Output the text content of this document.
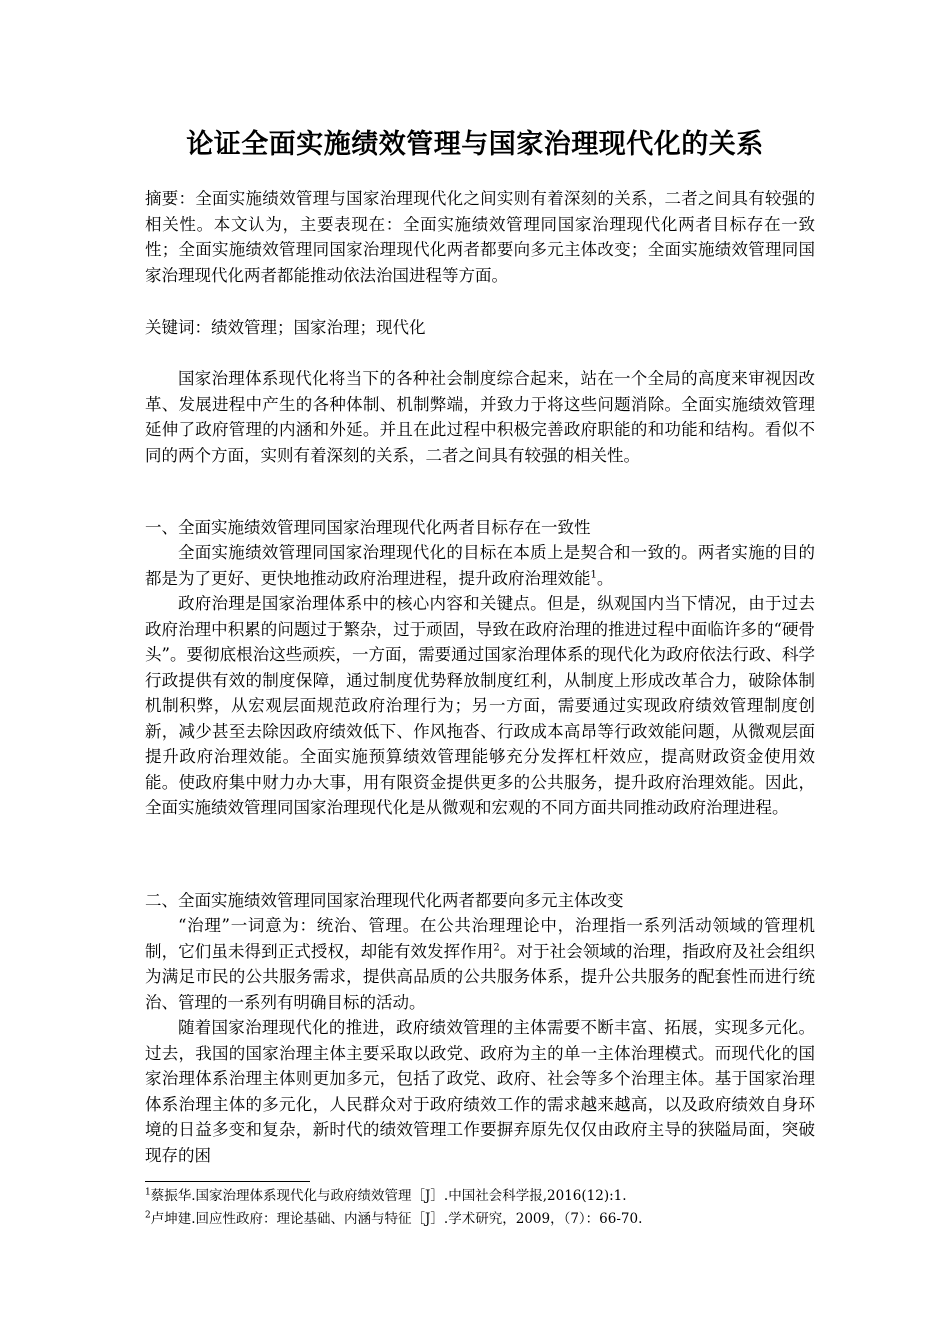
论证全面实施绩效管理与国家治理现代化的关系
摘要：全面实施绩效管理与国家治理现代化之间实则有着深刻的关系，二者之间具有较强的相关性。本文认为，主要表现在：全面实施绩效管理同国家治理现代化两者目标存在一致性；全面实施绩效管理同国家治理现代化两者都要向多元主体改变；全面实施绩效管理同国家治理现代化两者都能推动依法治国进程等方面。
关键词：绩效管理；国家治理；现代化
国家治理体系现代化将当下的各种社会制度综合起来，站在一个全局的高度来审视因改革、发展进程中产生的各种体制、机制弊端，并致力于将这些问题消除。全面实施绩效管理延伸了政府管理的内涵和外延。并且在此过程中积极完善政府职能的和功能和结构。看似不同的两个方面，实则有着深刻的关系，二者之间具有较强的相关性。
一、全面实施绩效管理同国家治理现代化两者目标存在一致性
全面实施绩效管理同国家治理现代化的目标在本质上是契合和一致的。两者实施的目的都是为了更好、更快地推动政府治理进程，提升政府治理效能$^1$。
政府治理是国家治理体系中的核心内容和关键点。但是，纵观国内当下情况，由于过去政府治理中积累的问题过于繁杂，过于顽固，导致在政府治理的推进过程中面临许多的“硬骨头”。要彻底根治这些顽疾，一方面，需要通过国家治理体系的现代化为政府依法行政、科学行政提供有效的制度保障，通过制度优势释放制度红利，从制度上形成改革合力，破除体制机制积弊，从宏观层面规范政府治理行为；另一方面，需要通过实现政府绩效管理制度创新，减少甚至去除因政府绩效低下、作风拖沓、行政成本高昂等行政效能问题，从微观层面提升政府治理效能。全面实施预算绩效管理能够充分发挥杠杆效应，提高财政资金使用效能。使政府集中财力办大事，用有限资金提供更多的公共服务，提升政府治理效能。因此，全面实施绩效管理同国家治理现代化是从微观和宏观的不同方面共同推动政府治理进程。
二、全面实施绩效管理同国家治理现代化两者都要向多元主体改变
“治理”一词意为：统治、管理。在公共治理理论中，治理指一系列活动领域的管理机制，它们虽未得到正式授权，却能有效发挥作用$^2$。对于社会领域的治理，指政府及社会组织为满足市民的公共服务需求，提供高品质的公共服务体系，提升公共服务的配套性而进行统治、管理的一系列有明确目标的活动。
随着国家治理现代化的推进，政府绩效管理的主体需要不断丰富、拓展，实现多元化。过去，我国的国家治理主体主要采取以政党、政府为主的单一主体治理模式。而现代化的国家治理体系治理主体则更加多元，包括了政党、政府、社会等多个治理主体。基于国家治理体系治理主体的多元化，人民群众对于政府绩效工作的需求越来越高，以及政府绩效自身环境的日益多变和复杂，新时代的绩效管理工作要摒弃原先仅仅由政府主导的狭隘局面，突破现存的困
$^1$蔡振华.国家治理体系现代化与政府绩效管理［J］.中国社会科学报,2016(12):1.
$^2$卢坤建.回应性政府：理论基础、内涵与特征［J］.学术研究，2009，（7）：66-70.
